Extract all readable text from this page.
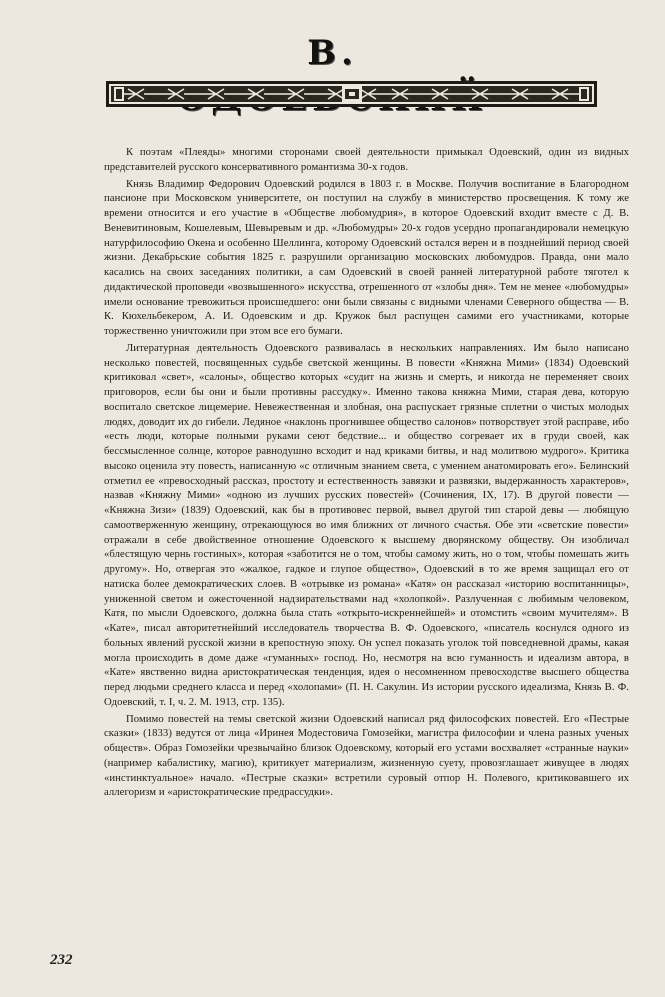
В.

К поэтам «Плеяды» многими сторонами своей деятельности примыкал Одоевский, один из видных представителей русского консервативного романтизма 30-х годов.

Князь Владимир Федорович Одоевский родился в 1803 г. в Москве. Получив воспитание в Благородном пансионе при Московском университете, он поступил на службу в министерство просвещения. К тому же времени относится и его участие в «Обществе любомудрия», в которое Одоевский входит вместе с Д. В. Веневитиновым, Кошелевым, Шевыревым и др. «Любомудры» 20-х годов усердно пропагандировали немецкую натурфилософию Окена и особенно Шеллинга, которому Одоевский остался верен и в позднейший период своей жизни. Декабрьские события 1825 г. разрушили организацию московских любомудров. Правда, они мало касались на своих заседаниях политики, а сам Одоевский в своей ранней литературной работе тяготел к дидактической проповеди «возвышенного» искусства, отрешенного от «злобы дня». Тем не менее «любомудры» имели основание тревожиться происшедшего: они были связаны с видными членами Северного общества — В. К. Кюхельбекером, А. И. Одоевским и др. Кружок был распущен самими его участниками, которые торжественно уничтожили при этом все его бумаги.

Литературная деятельность Одоевского развивалась в нескольких направлениях. Им было написано несколько повестей, посвященных судьбе светской женщины. В повести «Княжна Мими» (1834) Одоевский критиковал «свет», «салоны», общество которых «судит на жизнь и смерть, и никогда не переменяет своих приговоров, если бы они и были противны рассудку». Именно такова княжна Мими, старая дева, которую воспитало светское лицемерие. Невежественная и злобная, она распускает грязные сплетни о чистых молодых людях, доводит их до гибели. Ледяное «наклонь прогнившее общество салонов» потворствует этой расправе, ибо «есть люди, которые полными руками сеют бедствие... и общество согревает их в груди своей, как бессмысленное солнце, которое равнодушно всходит и над криками битвы, и над молитвою мудрого». Критика высоко оценила эту повесть, написанную «с отличным знанием света, с умением анатомировать его». Белинский отметил ее «превосходный рассказ, простоту и естественность завязки и развязки, выдержанность характеров», назвав «Княжну Мими» «одною из лучших русских повестей» (Сочинения, IX, 17). В другой повести — «Княжна Зизи» (1839) Одоевский, как бы в противовес первой, вывел другой тип старой девы — любящую самоотверженную женщину, отрекающуюся во имя ближних от личного счастья. Обе эти «светские повести» отражали в себе двойственное отношение Одоевского к высшему дворянскому обществу. Он изобличал «блестящую чернь гостиных», которая «заботится не о том, чтобы самому жить, но о том, чтобы помешать жить другому». Но, отвергая это «жалкое, гадкое и глупое общество», Одоевский в то же время защищал его от натиска более демократических слоев. В «отрывке из романа» «Катя» он рассказал «историю воспитанницы», униженной светом и ожесточенной надзирательствами над «холопкой». Разлученная с любимым человеком, Катя, по мысли Одоевского, должна была стать «открыто-искреннейшей» и отомстить «своим мучителям». В «Кате», писал авторитетнейший исследователь творчества В. Ф. Одоевского, «писатель коснулся одного из больных явлений русской жизни в крепостную эпоху. Он успел показать уголок той повседневной драмы, какая могла происходить в доме даже «гуманных» господ. Но, несмотря на всю гуманность и идеализм автора, в «Кате» явственно видна аристократическая тенденция, идея о несомненном превосходстве высшего общества перед людьми среднего класса и перед «холопами» (П. Н. Сакулин. Из истории русского идеализма, Князь В. Ф. Одоевский, т. I, ч. 2. М. 1913, стр. 135).

Помимо повестей на темы светской жизни Одоевский написал ряд философских повестей. Его «Пестрые сказки» (1833) ведутся от лица «Иринея Модестовича Гомозейки, магистра философии и члена разных ученых обществ». Образ Гомозейки чрезвычайно близок Одоевскому, который его устами восхваляет «странные науки» (например кабалистику, магию), критикует материализм, жизненную суету, провозглашает живущее в людях «инстинктуальное» начало. «Пестрые сказки» встретили суровый отпор Н. Полевого, критиковавшего их аллегоризм и «аристократические предрассудки».

232
